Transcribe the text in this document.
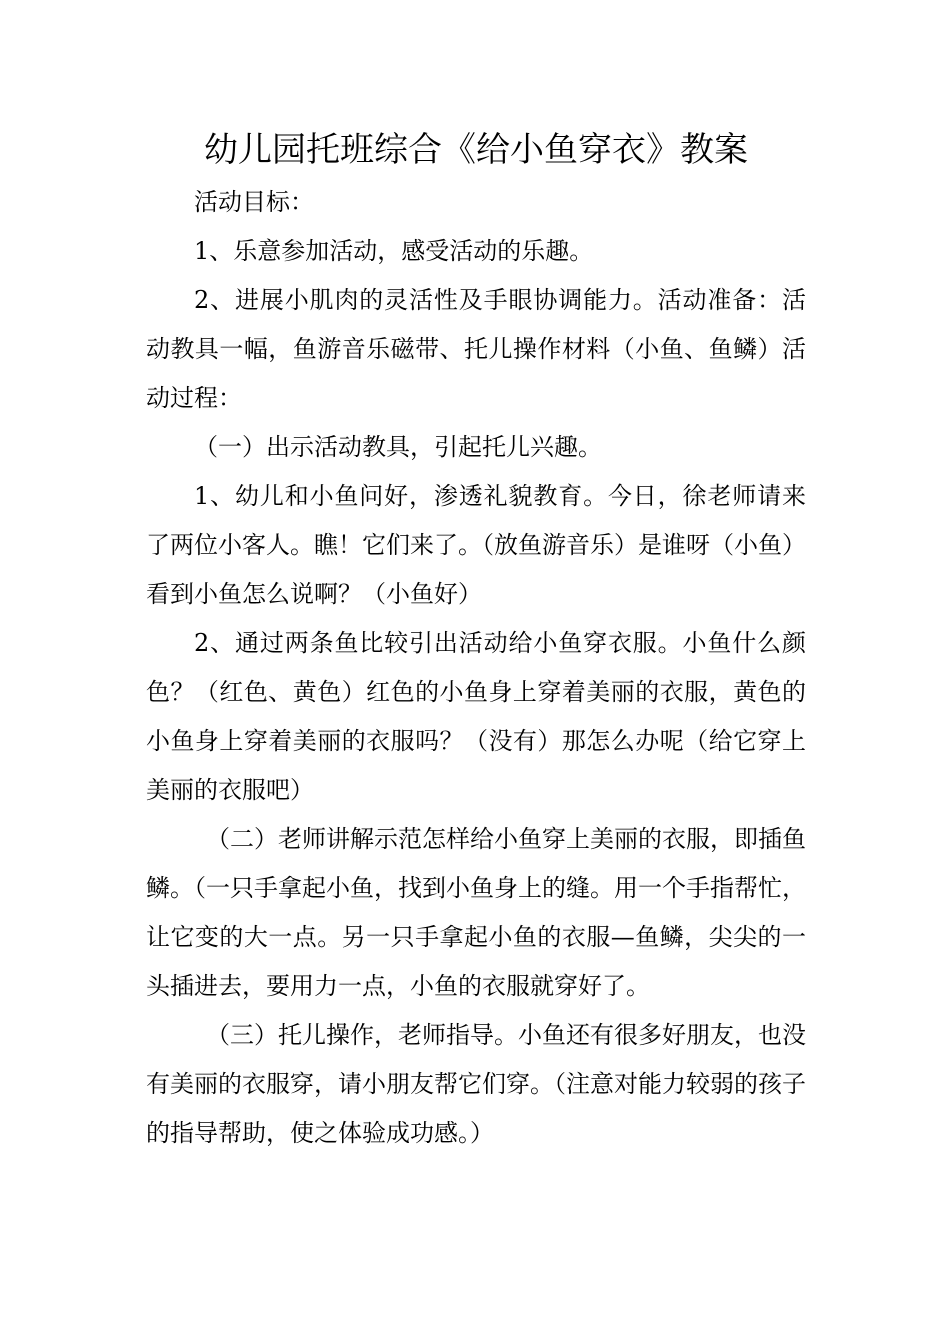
幼儿园托班综合《给小鱼穿衣》教案

活动目标：

1、乐意参加活动，感受活动的乐趣。

2、进展小肌肉的灵活性及手眼协调能力。活动准备：活动教具一幅，鱼游音乐磁带、托儿操作材料（小鱼、鱼鳞）活动过程：

（一）出示活动教具，引起托儿兴趣。

1、幼儿和小鱼问好，渗透礼貌教育。今日，徐老师请来了两位小客人。瞧！它们来了。（放鱼游音乐）是谁呀（小鱼）看到小鱼怎么说啊？（小鱼好）

2、通过两条鱼比较引出活动给小鱼穿衣服。小鱼什么颜色？（红色、黄色）红色的小鱼身上穿着美丽的衣服，黄色的小鱼身上穿着美丽的衣服吗？（没有）那怎么办呢（给它穿上美丽的衣服吧）

（二）老师讲解示范怎样给小鱼穿上美丽的衣服，即插鱼鳞。（一只手拿起小鱼，找到小鱼身上的缝。用一个手指帮忙，让它变的大一点。另一只手拿起小鱼的衣服—鱼鳞，尖尖的一头插进去，要用力一点，小鱼的衣服就穿好了。

（三）托儿操作，老师指导。小鱼还有很多好朋友，也没有美丽的衣服穿，请小朋友帮它们穿。（注意对能力较弱的孩子的指导帮助，使之体验成功感。）
